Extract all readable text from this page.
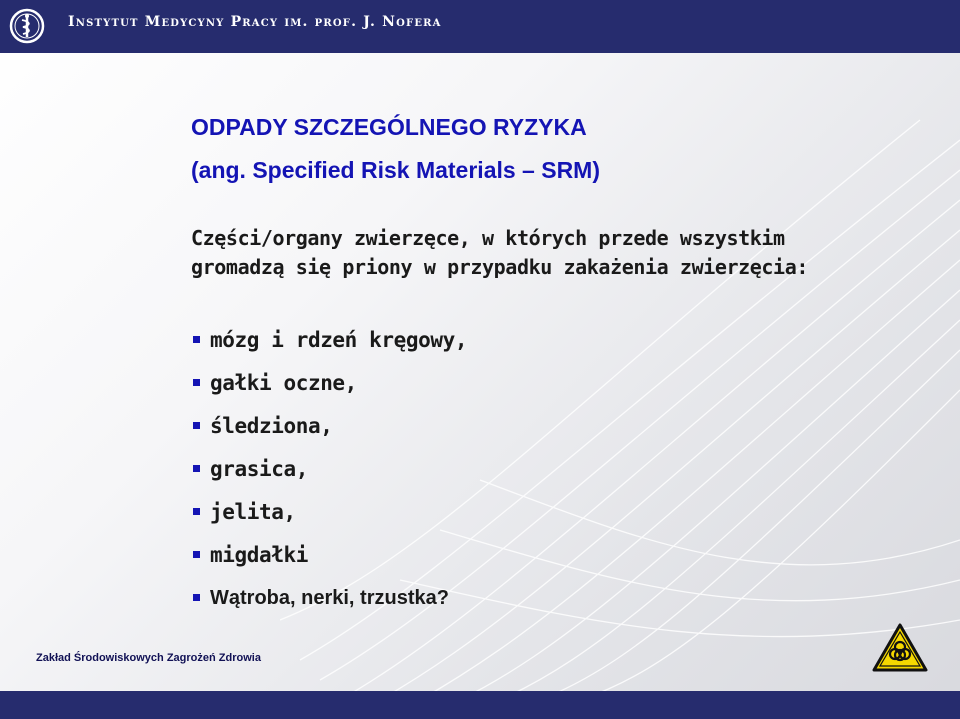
Instytut Medycyny Pracy im. prof. J. Nofera
ODPADY SZCZEGÓLNEGO RYZYKA
(ang. Specified Risk Materials – SRM)
Części/organy zwierzęce, w których przede wszystkim gromadzą się priony w przypadku zakażenia zwierzęcia:
mózg i rdzeń kręgowy,
gałki oczne,
śledziona,
grasica,
jelita,
migdałki
Wątroba, nerki, trzustka?
Zakład Środowiskowych Zagrożeń Zdrowia
